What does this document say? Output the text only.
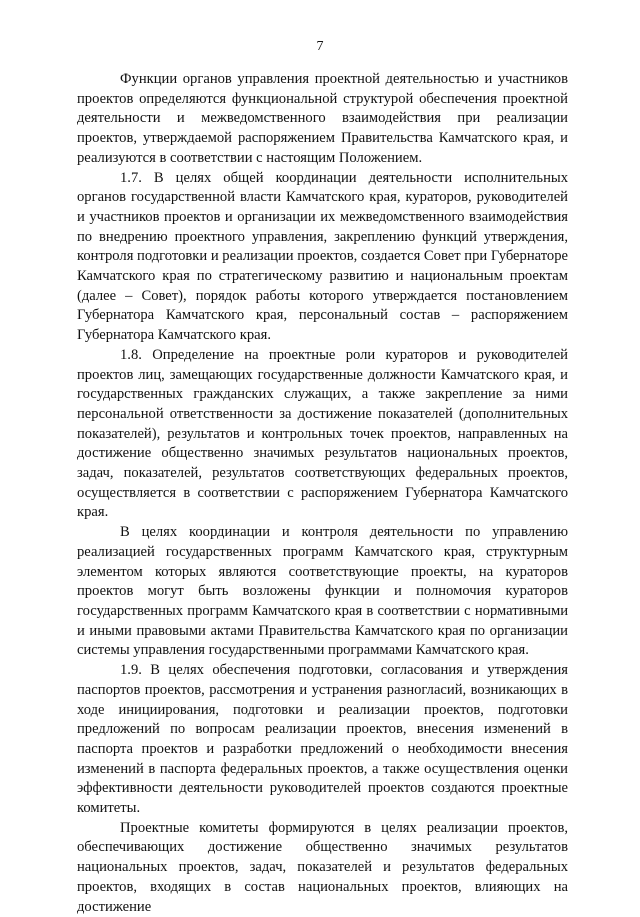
7

Функции органов управления проектной деятельностью и участников проектов определяются функциональной структурой обеспечения проектной деятельности и межведомственного взаимодействия при реализации проектов, утверждаемой распоряжением Правительства Камчатского края, и реализуются в соответствии с настоящим Положением.

1.7. В целях общей координации деятельности исполнительных органов государственной власти Камчатского края, кураторов, руководителей и участников проектов и организации их межведомственного взаимодействия по внедрению проектного управления, закреплению функций утверждения, контроля подготовки и реализации проектов, создается Совет при Губернаторе Камчатского края по стратегическому развитию и национальным проектам (далее – Совет), порядок работы которого утверждается постановлением Губернатора Камчатского края, персональный состав – распоряжением Губернатора Камчатского края.

1.8. Определение на проектные роли кураторов и руководителей проектов лиц, замещающих государственные должности Камчатского края, и государственных гражданских служащих, а также закрепление за ними персональной ответственности за достижение показателей (дополнительных показателей), результатов и контрольных точек проектов, направленных на достижение общественно значимых результатов национальных проектов, задач, показателей, результатов соответствующих федеральных проектов, осуществляется в соответствии с распоряжением Губернатора Камчатского края.

В целях координации и контроля деятельности по управлению реализацией государственных программ Камчатского края, структурным элементом которых являются соответствующие проекты, на кураторов проектов могут быть возложены функции и полномочия кураторов государственных программ Камчатского края в соответствии с нормативными и иными правовыми актами Правительства Камчатского края по организации системы управления государственными программами Камчатского края.

1.9. В целях обеспечения подготовки, согласования и утверждения паспортов проектов, рассмотрения и устранения разногласий, возникающих в ходе инициирования, подготовки и реализации проектов, подготовки предложений по вопросам реализации проектов, внесения изменений в паспорта проектов и разработки предложений о необходимости внесения изменений в паспорта федеральных проектов, а также осуществления оценки эффективности деятельности руководителей проектов создаются проектные комитеты.

Проектные комитеты формируются в целях реализации проектов, обеспечивающих достижение общественно значимых результатов национальных проектов, задач, показателей и результатов федеральных проектов, входящих в состав национальных проектов, влияющих на достижение
